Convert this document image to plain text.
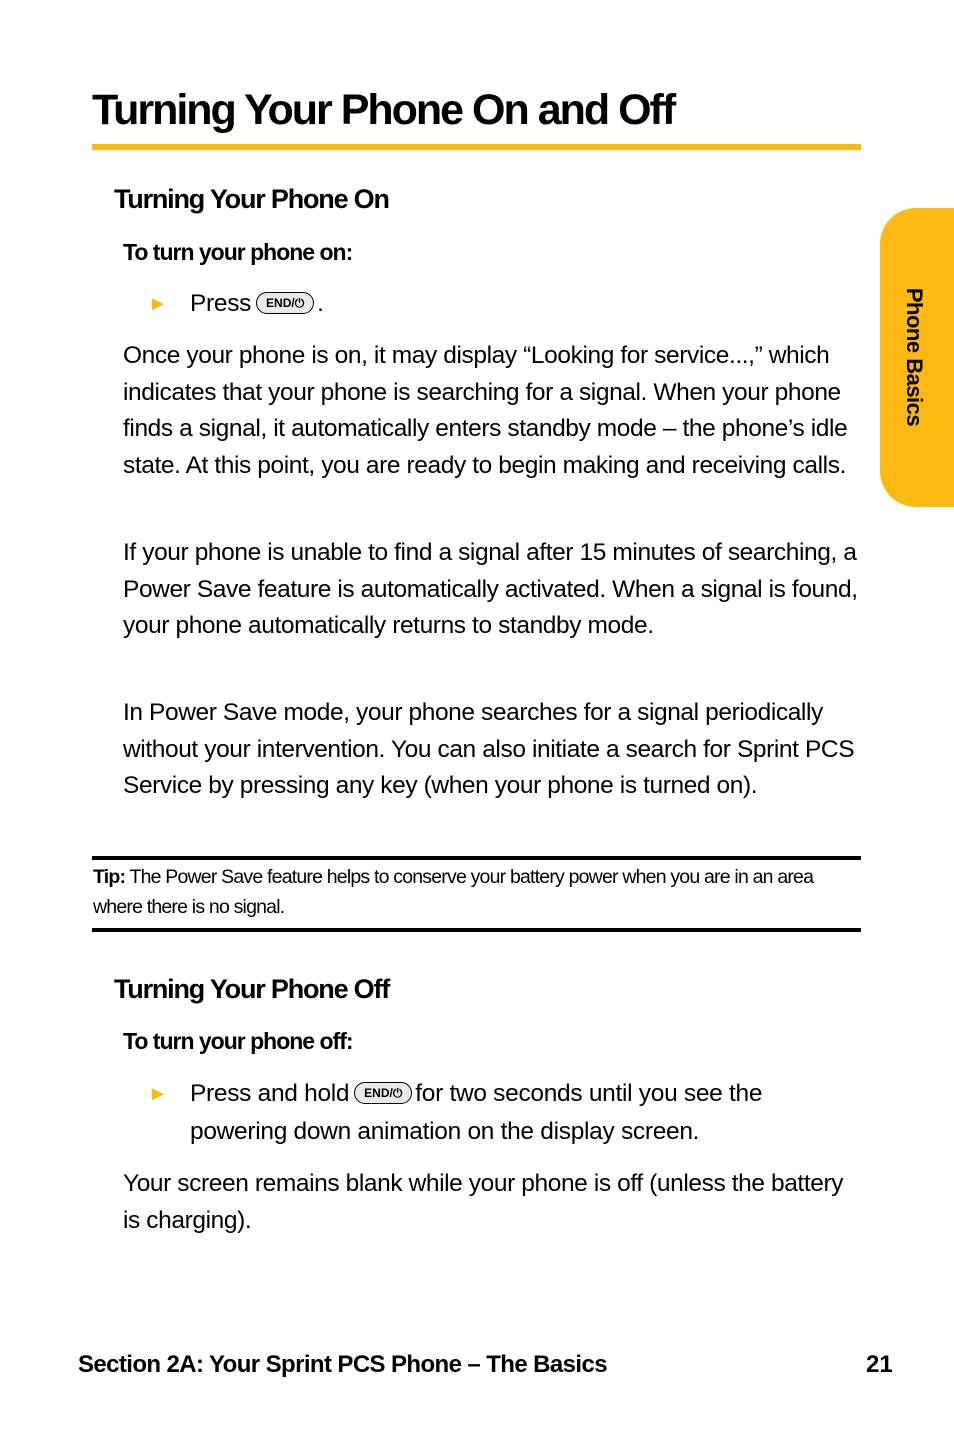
Turning Your Phone On and Off
Phone Basics
Turning Your Phone On
To turn your phone on:
► Press END/⏻ .

Once your phone is on, it may display “Looking for service...,” which indicates that your phone is searching for a signal. When your phone finds a signal, it automatically enters standby mode – the phone’s idle state. At this point, you are ready to begin making and receiving calls.

If your phone is unable to find a signal after 15 minutes of searching, a Power Save feature is automatically activated. When a signal is found, your phone automatically returns to standby mode.

In Power Save mode, your phone searches for a signal periodically without your intervention. You can also initiate a search for Sprint PCS Service by pressing any key (when your phone is turned on).

Tip: The Power Save feature helps to conserve your battery power when you are in an area where there is no signal.

Turning Your Phone Off
To turn your phone off:
► Press and hold END/⏻ for two seconds until you see the powering down animation on the display screen.

Your screen remains blank while your phone is off (unless the battery is charging).

Section 2A: Your Sprint PCS Phone – The Basics	21
